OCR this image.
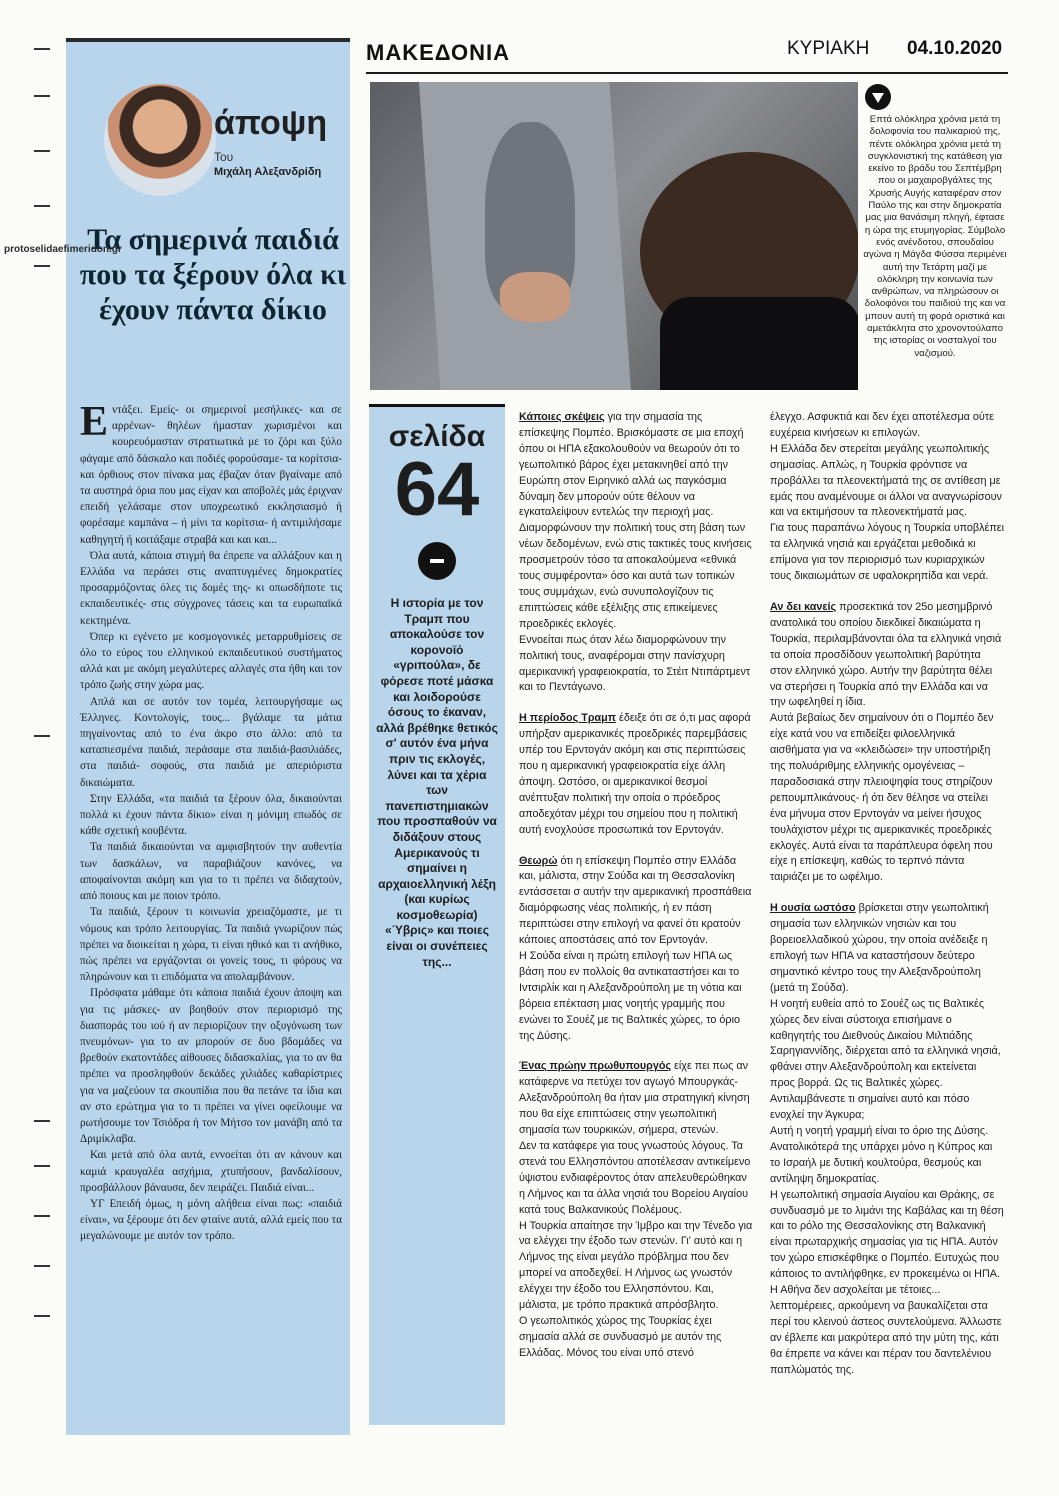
protoselidaefimeridon.gr
άποψη
Του
Μιχάλη Αλεξανδρίδη
Τα σημερινά παιδιά που τα ξέρουν όλα κι έχουν πάντα δίκιο

Εντάξει. Εμείς- οι σημερινοί μεσήλικες- και σε αρρένων- θηλέων ήμασταν χωρισμένοι και κουρευόμασταν στρατιωτικά με το ζόρι και ξύλο φάγαμε από δάσκαλο και ποδιές φορούσαμε- τα κορίτσια- και όρθιους στον πίνακα μας έβαζαν όταν βγαίναμε από τα αυστηρά όρια που μας είχαν και αποβολές μάς έριχναν επειδή γελάσαμε στον υποχρεωτικό εκκλησιασμό ή φορέσαμε καμπάνα – ή μίνι τα κορίτσια- ή αντιμιλήσαμε καθηγητή ή κοιτάξαμε στραβά και και και...

Όλα αυτά, κάποια στιγμή θα έπρεπε να αλλάξουν και η Ελλάδα να περάσει στις αναπτυγμένες δημοκρατίες προσαρμόζοντας όλες τις δομές της- κι οπωσδήποτε τις εκπαιδευτικές- στις σύγχρονες τάσεις και τα ευρωπαϊκά κεκτημένα.

Όπερ κι εγένετο με κοσμογονικές μεταρρυθμίσεις σε όλο το εύρος του ελληνικού εκπαιδευτικού συστήματος αλλά και με ακόμη μεγαλύτερες αλλαγές στα ήθη και τον τρόπο ζωής στην χώρα μας.

Απλά και σε αυτόν τον τομέα, λειτουργήσαμε ως Έλληνες. Κοντολογίς, τους... βγάλαμε τα μάτια πηγαίνοντας από το ένα άκρο στο άλλο: από τα καταπιεσμένα παιδιά, περάσαμε στα παιδιά-βασιλιάδες, στα παιδιά- σοφούς, στα παιδιά με απεριόριστα δικαιώματα.

Στην Ελλάδα, «τα παιδιά τα ξέρουν όλα, δικαιούνται πολλά κι έχουν πάντα δίκιο» είναι η μόνιμη επωδός σε κάθε σχετική κουβέντα.

Τα παιδιά δικαιούνται να αμφισβητούν την αυθεντία των δασκάλων, να παραβιάζουν κανόνες, να αποφαίνονται ακόμη και για το τι πρέπει να διδαχτούν, από ποιους και με ποιον τρόπο.

Τα παιδιά, ξέρουν τι κοινωνία χρειαζόμαστε, με τι νόμους και τρόπο λειτουργίας. Τα παιδιά γνωρίζουν πώς πρέπει να διοικείται η χώρα, τι είναι ηθικό και τι ανήθικο, πώς πρέπει να εργάζονται οι γονείς τους, τι φόρους να πληρώνουν και τι επιδόματα να απολαμβάνουν.

Πρόσφατα μάθαμε ότι κάποια παιδιά έχουν άποψη και για τις μάσκες- αν βοηθούν στον περιορισμό της διασποράς του ιού ή αν περιορίζουν την οξυγόνωση των πνευμόνων- για το αν μπορούν σε δυο βδομάδες να βρεθούν εκατοντάδες αίθουσες διδασκαλίας, για το αν θα πρέπει να προσληφθούν δεκάδες χιλιάδες καθαρίστριες για να μαζεύουν τα σκουπίδια που θα πετάνε τα ίδια και αν στο ερώτημα για το τι πρέπει να γίνει οφείλουμε να ρωτήσουμε τον Τσιόδρα ή τον Μήτσο τον μανάβη από τα Δριμίκλαβα.

Και μετά από όλα αυτά, εννοείται ότι αν κάνουν και καμιά κραυγαλέα ασχήμια, χτυπήσουν, βανδαλίσουν, προσβάλλουν βάναυσα, δεν πειράζει. Παιδιά είναι...

ΥΓ Επειδή όμως, η μόνη αλήθεια είναι πως: «παιδιά είναι», να ξέρουμε ότι δεν φταίνε αυτά, αλλά εμείς που τα μεγαλώνουμε με αυτόν τον τρόπο.

ΜΑΚΕΔΟΝΙΑ	ΚΥΡΙΑΚΗ 04.10.2020
Επτά ολόκληρα χρόνια μετά τη δολοφονία του παλικαριού της, πέντε ολόκληρα χρόνια μετά τη συγκλονιστική της κατάθεση για εκείνο το βράδυ του Σεπτέμβρη που οι μαχαιροβγάλτες της Χρυσής Αυγής καταφέραν στον Παύλο της και στην δημοκρατία μας μια θανάσιμη πληγή, έφτασε η ώρα της ετυμηγορίας. Σύμβολο ενός ανένδοτου, σπουδαίου αγώνα η Μάγδα Φύσσα περιμένει αυτή την Τετάρτη μαζί με ολόκληρη την κοινωνία των ανθρώπων, να πληρώσουν οι δολοφόνοι του παιδιού της και να μπουν αυτή τη φορά οριστικά και αμετάκλητα στο χρονοντούλαπο της ιστορίας οι νοσταλγοί του ναζισμού.
σελίδα
64
Η ιστορία με τον Τραμπ που αποκαλούσε τον κορονοϊό «γριπούλα», δε φόρεσε ποτέ μάσκα και λοιδορούσε όσους το έκαναν, αλλά βρέθηκε θετικός σ' αυτόν ένα μήνα πριν τις εκλογές, λύνει και τα χέρια των πανεπιστημιακών που προσπαθούν να διδάξουν στους Αμερικανούς τι σημαίνει η αρχαιοελληνική λέξη (και κυρίως κοσμοθεωρία) «Ύβρις» και ποιες είναι οι συνέπειες της...

Κάποιες σκέψεις για την σημασία της επίσκεψης Πομπέο. Βρισκόμαστε σε μια εποχή όπου οι ΗΠΑ εξακολουθούν να θεωρούν ότι το γεωπολιτικό βάρος έχει μετακινηθεί από την Ευρώπη στον Ειρηνικό αλλά ως παγκόσμια δύναμη δεν μπορούν ούτε θέλουν να εγκαταλείψουν εντελώς την περιοχή μας. Διαμορφώνουν την πολιτική τους στη βάση των νέων δεδομένων, ενώ στις τακτικές τους κινήσεις προσμετρούν τόσο τα αποκαλούμενα «εθνικά τους συμφέροντα» όσο και αυτά των τοπικών τους συμμάχων, ενώ συνυπολογίζουν τις επιπτώσεις κάθε εξέλιξης στις επικείμενες προεδρικές εκλογές.

Εννοείται πως όταν λέω διαμορφώνουν την πολιτική τους, αναφέρομαι στην πανίσχυρη αμερικανική γραφειοκρατία, το Στέιτ Ντιπάρτμεντ και το Πεντάγωνο.

Η περίοδος Τραμπ έδειξε ότι σε ό,τι μας αφορά υπήρξαν αμερικανικές προεδρικές παρεμβάσεις υπέρ του Ερντογάν ακόμη και στις περιπτώσεις που η αμερικανική γραφειοκρατία είχε άλλη άποψη. Ωστόσο, οι αμερικανικοί θεσμοί ανέπτυξαν πολιτική την οποία ο πρόεδρος αποδεχόταν μέχρι του σημείου που η πολιτική αυτή ενοχλούσε προσωπικά τον Ερντογάν.

Θεωρώ ότι η επίσκεψη Πομπέο στην Ελλάδα και, μάλιστα, στην Σούδα και τη Θεσσαλονίκη εντάσσεται σ αυτήν την αμερικανική προσπάθεια διαμόρφωσης νέας πολιτικής, ή εν πάση περιπτώσει στην επιλογή να φανεί ότι κρατούν κάποιες αποστάσεις από τον Ερντογάν.

Η Σούδα είναι η πρώτη επιλογή των ΗΠΑ ως βάση που εν πολλοίς θα αντικαταστήσει και το Ιντσιρλίκ και η Αλεξανδρούπολη με τη νότια και βόρεια επέκταση μιας νοητής γραμμής που ενώνει το Σουέζ με τις Βαλτικές χώρες, το όριο της Δύσης.

Ένας πρώην πρωθυπουργός είχε πει πως αν κατάφερνε να πετύχει τον αγωγό Μπουργκάς-Αλεξανδρούπολη θα ήταν μια στρατηγική κίνηση που θα είχε επιπτώσεις στην γεωπολιτική σημασία των τουρκικών, σήμερα, στενών.

Δεν τα κατάφερε για τους γνωστούς λόγους. Τα στενά του Ελλησπόντου αποτέλεσαν αντικείμενο ύψιστου ενδιαφέροντος όταν απελευθερώθηκαν η Λήμνος και τα άλλα νησιά του Βορείου Αιγαίου κατά τους Βαλκανικούς Πολέμους.

Η Τουρκία απαίτησε την Ίμβρο και την Τένεδο για να ελέγχει την έξοδο των στενών. Γι' αυτό και η Λήμνος της είναι μεγάλο πρόβλημα που δεν μπορεί να αποδεχθεί. Η Λήμνος ως γνωστόν ελέγχει την έξοδο του Ελλησπόντου. Και, μάλιστα, με τρόπο πρακτικά απρόσβλητο.

Ο γεωπολιτικός χώρος της Τουρκίας έχει σημασία αλλά σε συνδυασμό με αυτόν της Ελλάδας. Μόνος του είναι υπό στενό

έλεγχο. Ασφυκτιά και δεν έχει αποτέλεσμα ούτε ευχέρεια κινήσεων κι επιλογών.

Η Ελλάδα δεν στερείται μεγάλης γεωπολιτικής σημασίας. Απλώς, η Τουρκία φρόντισε να προβάλλει τα πλεονεκτήματά της σε αντίθεση με εμάς που αναμένουμε οι άλλοι να αναγνωρίσουν και να εκτιμήσουν τα πλεονεκτήματά μας.

Για τους παραπάνω λόγους η Τουρκία υποβλέπει τα ελληνικά νησιά και εργάζεται μεθοδικά κι επίμονα για τον περιορισμό των κυριαρχικών τους δικαιωμάτων σε υφαλοκρηπίδα και νερά.

Αν δει κανείς προσεκτικά τον 25ο μεσημβρινό ανατολικά του οποίου διεκδικεί δικαιώματα η Τουρκία, περιλαμβάνονται όλα τα ελληνικά νησιά τα οποία προσδίδουν γεωπολιτική βαρύτητα στον ελληνικό χώρο. Αυτήν την βαρύτητα θέλει να στερήσει η Τουρκία από την Ελλάδα και να την ωφεληθεί η ίδια.

Αυτά βεβαίως δεν σημαίνουν ότι ο Πομπέο δεν είχε κατά νου να επιδείξει φιλοελληνικά αισθήματα για να «κλειδώσει» την υποστήριξη της πολυάριθμης ελληνικής ομογένειας – παραδοσιακά στην πλειοψηφία τους στηρίζουν ρεπουμπλικάνους- ή ότι δεν θέλησε να στείλει ένα μήνυμα στον Ερντογάν να μείνει ήσυχος τουλάχιστον μέχρι τις αμερικανικές προεδρικές εκλογές. Αυτά είναι τα παράπλευρα όφελη που είχε η επίσκεψη, καθώς το τερπνό πάντα ταιριάζει με το ωφέλιμο.

Η ουσία ωστόσο βρίσκεται στην γεωπολιτική σημασία των ελληνικών νησιών και του βορειοελλαδικού χώρου, την οποία ανέδειξε η επιλογή των ΗΠΑ να καταστήσουν δεύτερο σημαντικό κέντρο τους την Αλεξανδρούπολη (μετά τη Σούδα).

Η νοητή ευθεία από το Σουέζ ως τις Βαλτικές χώρες δεν είναι σύστοιχα επισήμανε ο καθηγητής του Διεθνούς Δικαίου Μιλτιάδης Σαρηγιαννίδης, διέρχεται από τα ελληνικά νησιά, φθάνει στην Αλεξανδρούπολη και εκτείνεται προς βορρά. Ως τις Βαλτικές χώρες. Αντιλαμβάνεστε τι σημαίνει αυτό και πόσο ενοχλεί την Άγκυρα;

Αυτή η νοητή γραμμή είναι το όριο της Δύσης. Ανατολικότερά της υπάρχει μόνο η Κύπρος και το Ισραήλ με δυτική κουλτούρα, θεσμούς και αντίληψη δημοκρατίας.

Η γεωπολιτική σημασία Αιγαίου και Θράκης, σε συνδυασμό με το λιμάνι της Καβάλας και τη θέση και το ρόλο της Θεσσαλονίκης στη Βαλκανική είναι πρωταρχικής σημασίας για τις ΗΠΑ. Αυτόν τον χώρο επισκέφθηκε ο Πομπέο. Ευτυχώς που κάποιος το αντιλήφθηκε, εν προκειμένω οι ΗΠΑ. Η Αθήνα δεν ασχολείται με τέτοιες... λεπτομέρειες, αρκούμενη να βαυκαλίζεται στα περί του κλεινού άστεος συντελούμενα. Άλλωστε αν έβλεπε και μακρύτερα από την μύτη της, κάτι θα έπρεπε να κάνει και πέραν του δαντελένιου παπλώματός της.
